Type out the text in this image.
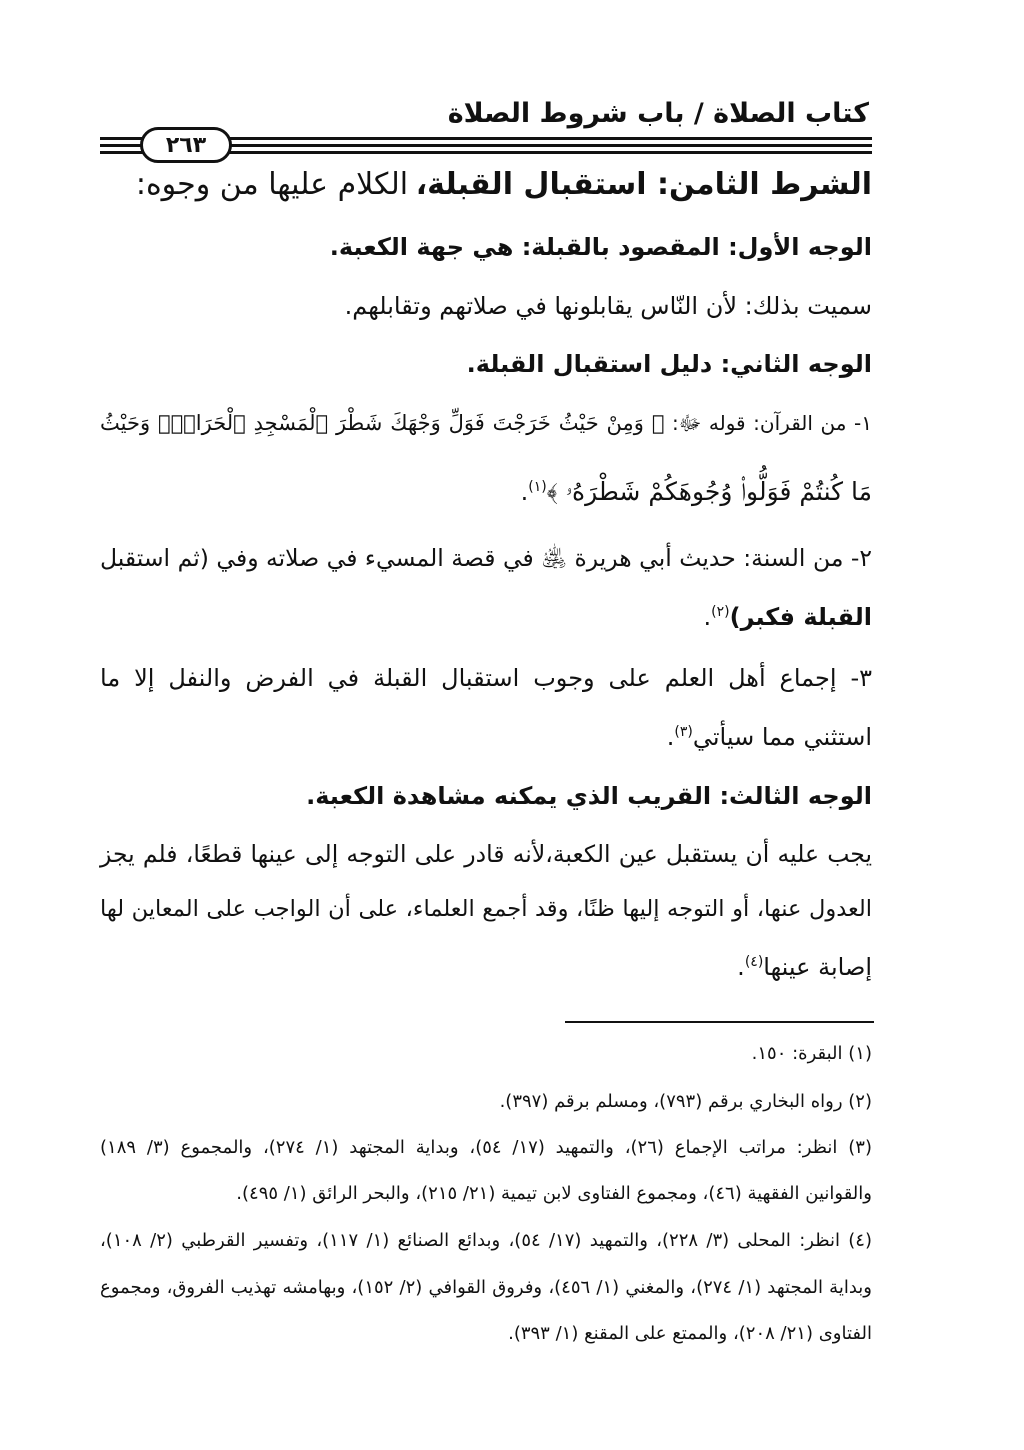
كتاب الصلاة / باب شروط الصلاة
٢٦٣
الشرط الثامن: استقبال القبلة، الكلام عليها من وجوه:
الوجه الأول: المقصود بالقبلة: هي جهة الكعبة.
سميت بذلك: لأن النّاس يقابلونها في صلاتهم وتقابلهم.
الوجه الثاني: دليل استقبال القبلة.
١- من القرآن: قوله ﷻ: ﴿ وَمِنْ حَيْثُ خَرَجْتَ فَوَلِّ وَجْهَكَ شَطْرَ ٱلْمَسْجِدِ ٱلْحَرَامِۚ وَحَيْثُ
مَا كُنتُمْ فَوَلُّوا۟ وُجُوهَكُمْ شَطْرَهُۥ ﴾$^{(١)}$.
٢- من السنة: حديث أبي هريرة ﵁ في قصة المسيء في صلاته وفي (ثم استقبل
القبلة فكبر)$^{(٢)}$.
٣- إجماع أهل العلم على وجوب استقبال القبلة في الفرض والنفل إلا ما
استثني مما سيأتي$^{(٣)}$.
الوجه الثالث: القريب الذي يمكنه مشاهدة الكعبة.
يجب عليه أن يستقبل عين الكعبة،لأنه قادر على التوجه إلى عينها قطعًا، فلم يجز
العدول عنها، أو التوجه إليها ظنًا، وقد أجمع العلماء، على أن الواجب على المعاين لها
إصابة عينها$^{(٤)}$.
(١) البقرة: ١٥٠.
(٢) رواه البخاري برقم (٧٩٣)، ومسلم برقم (٣٩٧).
(٣) انظر: مراتب الإجماع (٢٦)، والتمهيد (١٧/ ٥٤)، وبداية المجتهد (١/ ٢٧٤)، والمجموع (٣/ ١٨٩)
والقوانين الفقهية (٤٦)، ومجموع الفتاوى لابن تيمية (٢١/ ٢١٥)، والبحر الرائق (١/ ٤٩٥).
(٤) انظر: المحلى (٣/ ٢٢٨)، والتمهيد (١٧/ ٥٤)، وبدائع الصنائع (١/ ١١٧)، وتفسير القرطبي (٢/ ١٠٨)،
وبداية المجتهد (١/ ٢٧٤)، والمغني (١/ ٤٥٦)، وفروق القوافي (٢/ ١٥٢)، وبهامشه تهذيب الفروق، ومجموع
الفتاوى (٢١/ ٢٠٨)، والممتع على المقنع (١/ ٣٩٣).
